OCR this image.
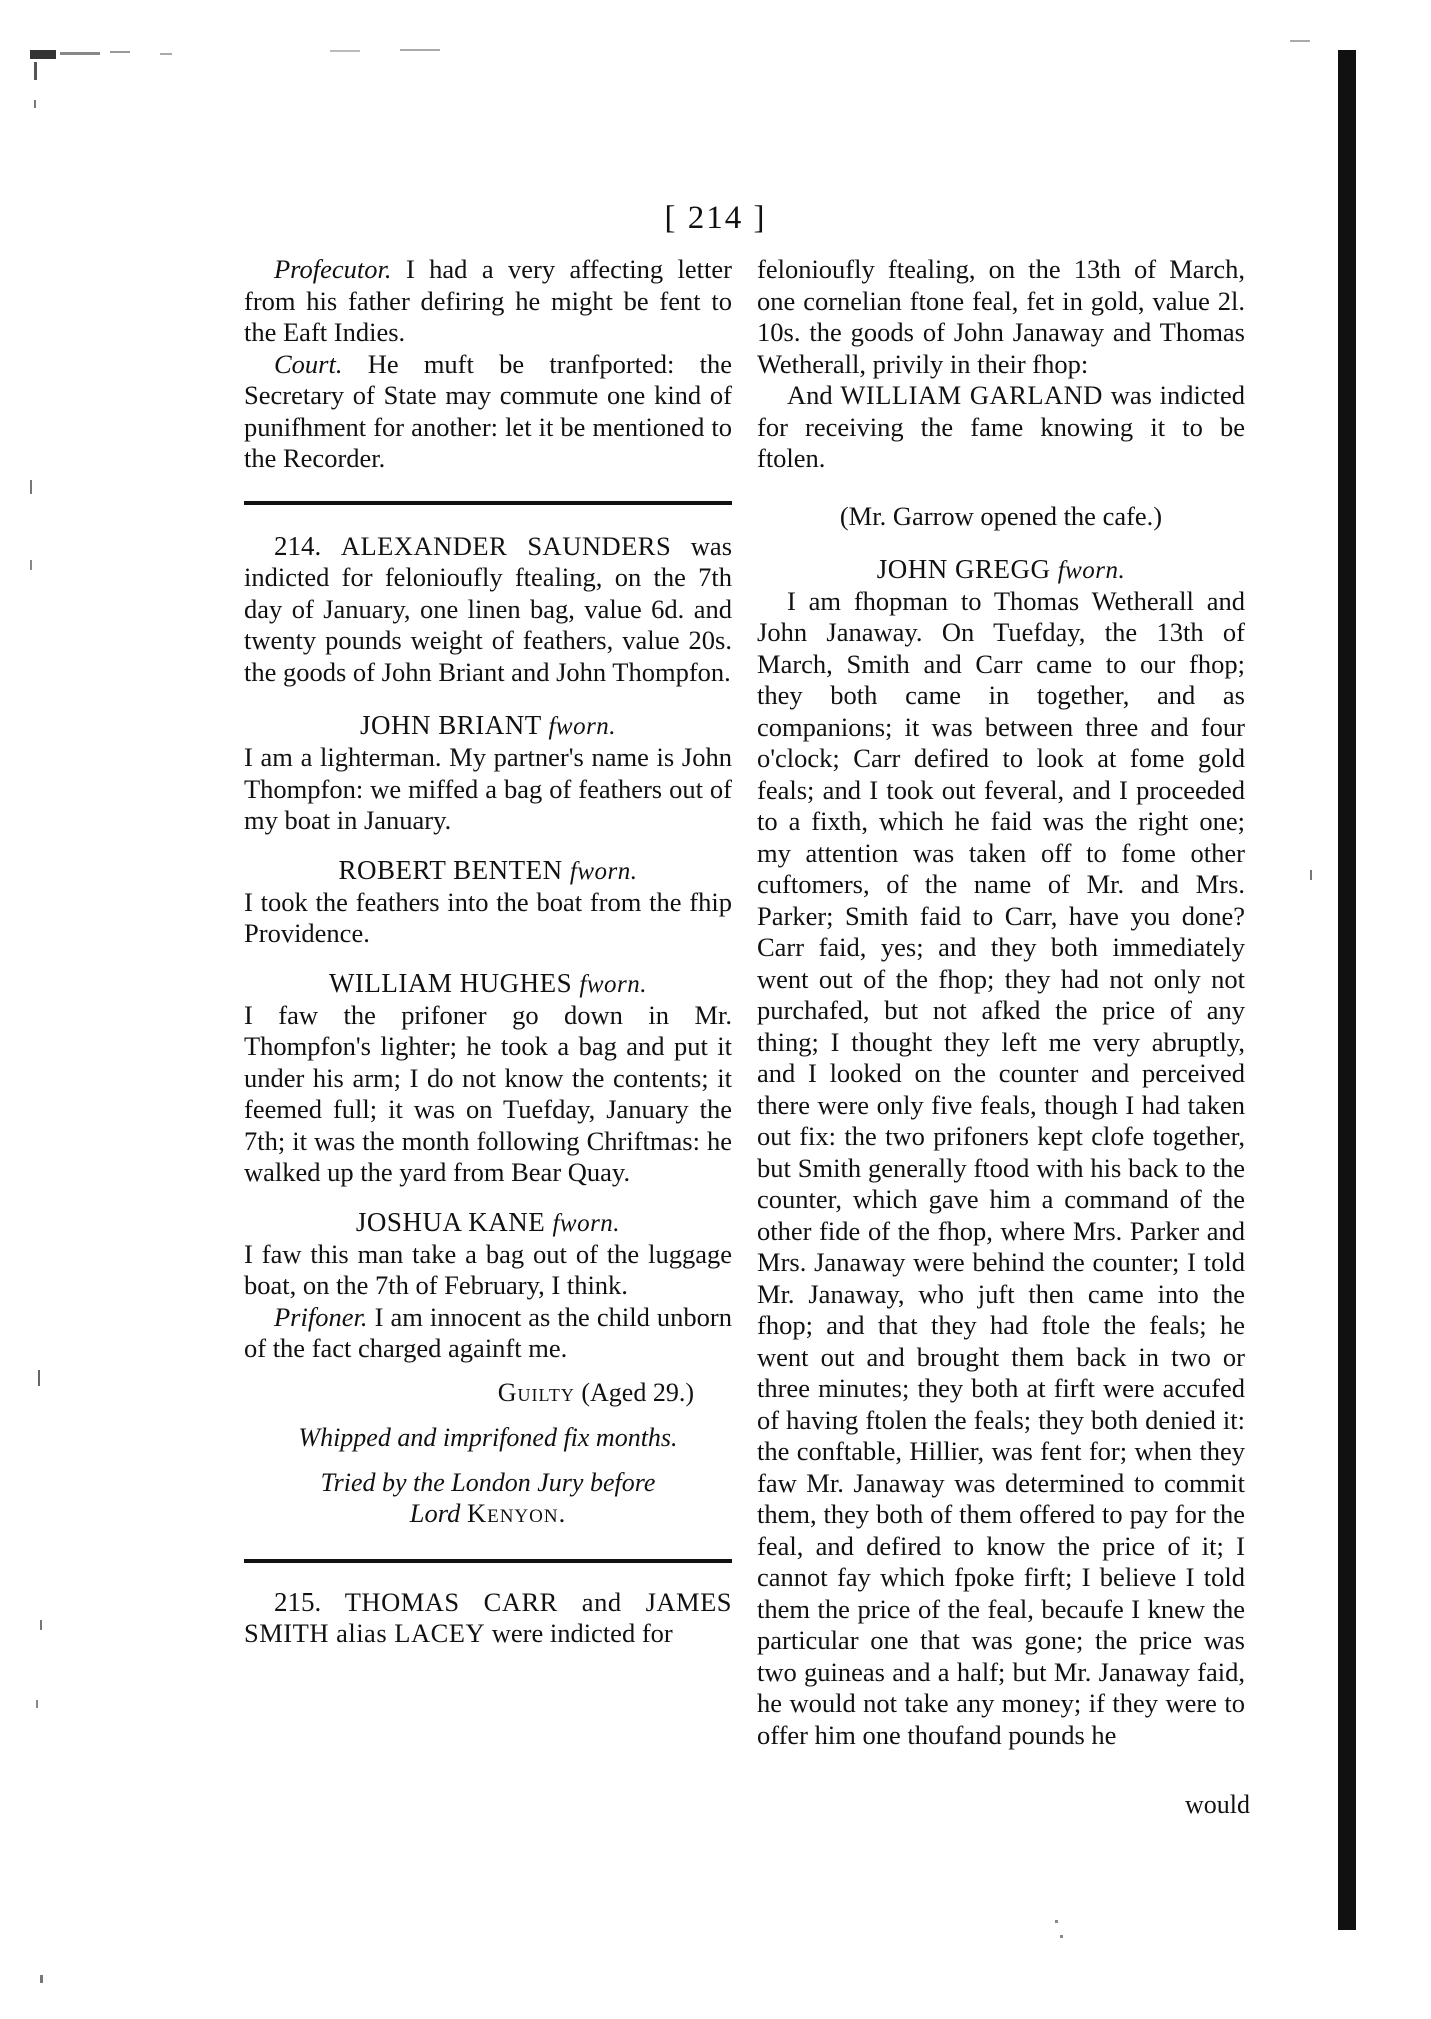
[ 214 ]

Profecutor. I had a very affecting letter from his father defiring he might be fent to the Eaft Indies.

Court. He muft be tranfported: the Secretary of State may commute one kind of punifhment for another: let it be mentioned to the Recorder.

214. ALEXANDER SAUNDERS was indicted for felonioufly ftealing, on the 7th day of January, one linen bag, value 6d. and twenty pounds weight of feathers, value 20s. the goods of John Briant and John Thompfon.

JOHN BRIANT fworn.

I am a lighterman. My partner's name is John Thompfon: we miffed a bag of feathers out of my boat in January.

ROBERT BENTEN fworn.

I took the feathers into the boat from the fhip Providence.

WILLIAM HUGHES fworn.

I faw the prifoner go down in Mr. Thompfon's lighter; he took a bag and put it under his arm; I do not know the contents; it feemed full; it was on Tuefday, January the 7th; it was the month following Chriftmas: he walked up the yard from Bear Quay.

JOSHUA KANE fworn.

I faw this man take a bag out of the luggage boat, on the 7th of February, I think.

Prifoner. I am innocent as the child unborn of the fact charged againft me.

Guilty (Aged 29.)

Whipped and imprifoned fix months.

Tried by the London Jury before

Lord Kenyon.

215. THOMAS CARR and JAMES SMITH alias LACEY were indicted for

felonioufly ftealing, on the 13th of March, one cornelian ftone feal, fet in gold, value 2l. 10s. the goods of John Janaway and Thomas Wetherall, privily in their fhop:

And WILLIAM GARLAND was indicted for receiving the fame knowing it to be ftolen.

(Mr. Garrow opened the cafe.)

JOHN GREGG fworn.

I am fhopman to Thomas Wetherall and John Janaway. On Tuefday, the 13th of March, Smith and Carr came to our fhop; they both came in together, and as companions; it was between three and four o'clock; Carr defired to look at fome gold feals; and I took out feveral, and I proceeded to a fixth, which he faid was the right one; my attention was taken off to fome other cuftomers, of the name of Mr. and Mrs. Parker; Smith faid to Carr, have you done? Carr faid, yes; and they both immediately went out of the fhop; they had not only not purchafed, but not afked the price of any thing; I thought they left me very abruptly, and I looked on the counter and perceived there were only five feals, though I had taken out fix: the two prifoners kept clofe together, but Smith generally ftood with his back to the counter, which gave him a command of the other fide of the fhop, where Mrs. Parker and Mrs. Janaway were behind the counter; I told Mr. Janaway, who juft then came into the fhop; and that they had ftole the feals; he went out and brought them back in two or three minutes; they both at firft were accufed of having ftolen the feals; they both denied it: the conftable, Hillier, was fent for; when they faw Mr. Janaway was determined to commit them, they both of them offered to pay for the feal, and defired to know the price of it; I cannot fay which fpoke firft; I believe I told them the price of the feal, becaufe I knew the particular one that was gone; the price was two guineas and a half; but Mr. Janaway faid, he would not take any money; if they were to offer him one thoufand pounds he

would
